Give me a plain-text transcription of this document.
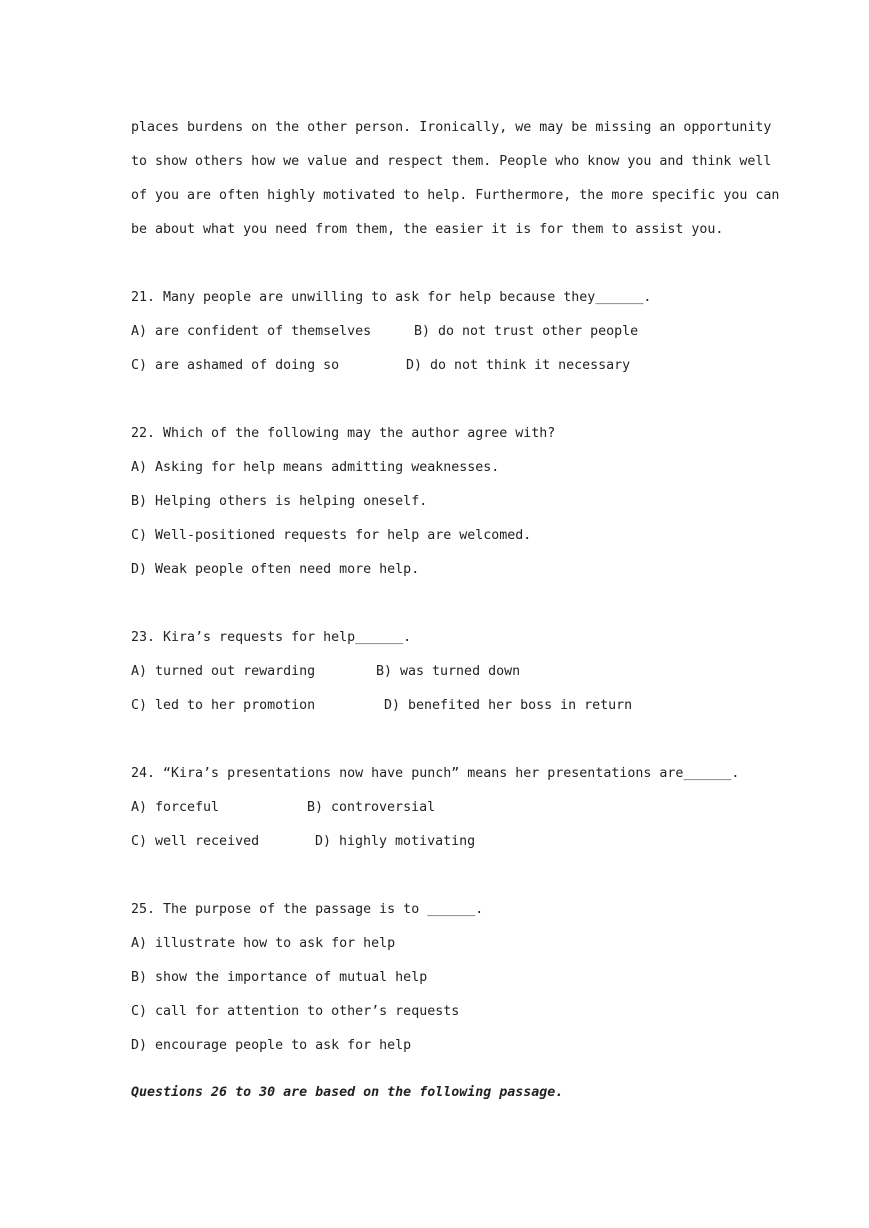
places burdens on the other person. Ironically, we may be missing an opportunity

to show others how we value and respect them. People who know you and think well

of you are often highly motivated to help. Furthermore, the more specific you can

be about what you need from them, the easier it is for them to assist you.

21. Many people are unwilling to ask for help because they______.

A) are confident of themselves	B) do not trust other people
C) are ashamed of doing so	D) do not think it necessary

22. Which of the following may the author agree with?

A) Asking for help means admitting weaknesses.

B) Helping others is helping oneself.

C) Well-positioned requests for help are welcomed.

D) Weak people often need more help.

23. Kira’s requests for help______.

A) turned out rewarding	B) was turned down
C) led to her promotion	D) benefited her boss in return

24. “Kira’s presentations now have punch” means her presentations are______.

A) forceful	B) controversial
C) well received	D) highly motivating

25. The purpose of the passage is to ______.

A) illustrate how to ask for help

B) show the importance of mutual help

C) call for attention to other’s requests

D) encourage people to ask for help

Questions 26 to 30 are based on the following passage.
